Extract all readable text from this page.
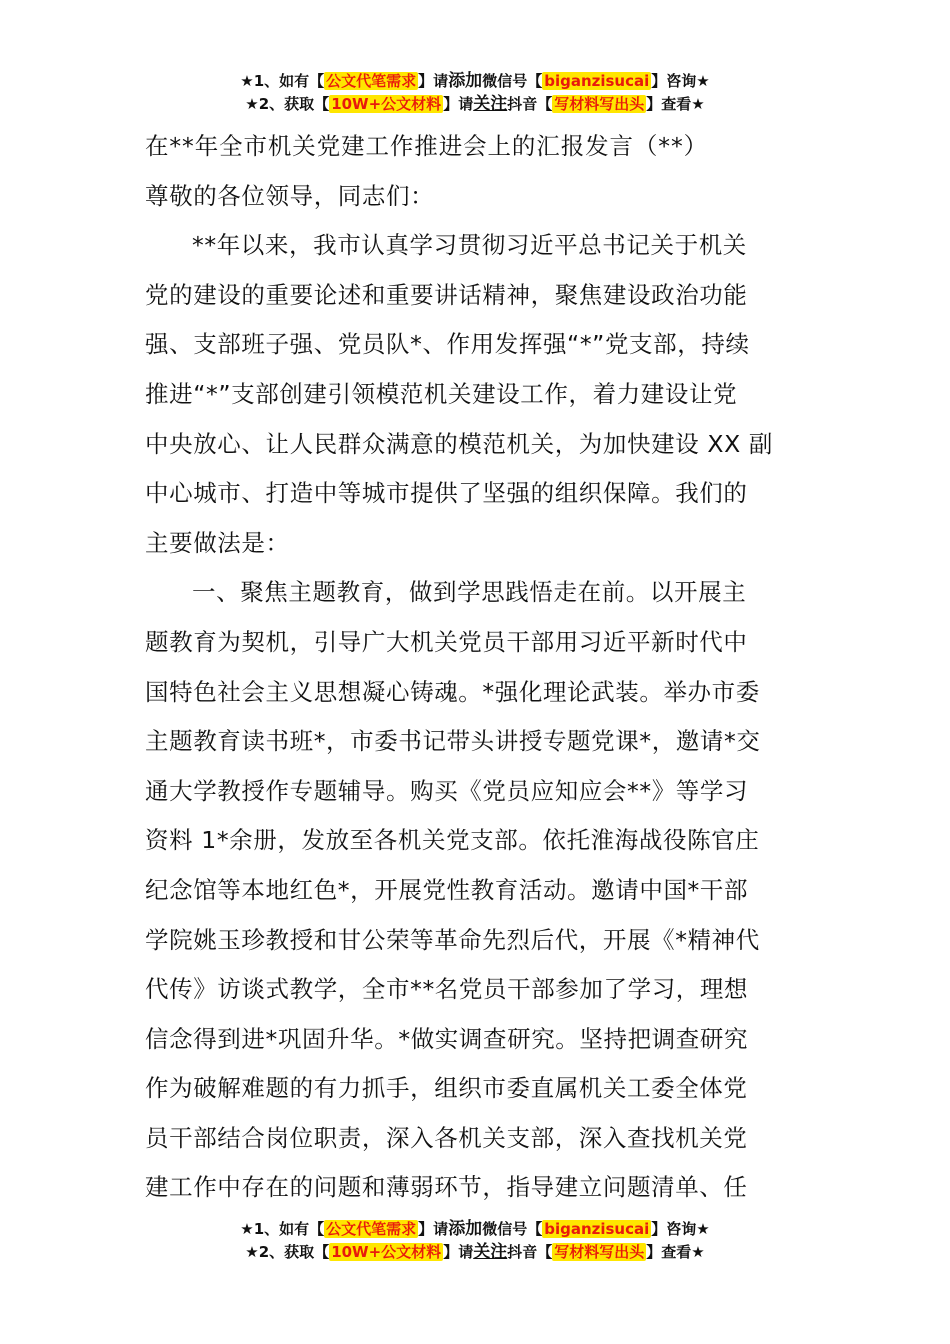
★1、如有【 公文代笔需求 】请添加微信号【 biganzisucai 】咨询★
★2、获取【 10W+公文材料 】请关注抖音【 写材料写出头 】查看★

在**年全市机关党建工作推进会上的汇报发言（**）

尊敬的各位领导，同志们：

**年以来，我市认真学习贯彻习近平总书记关于机关
党的建设的重要论述和重要讲话精神，聚焦建设政治功能
强、支部班子强、党员队*、作用发挥强“*”党支部，持续
推进“*”支部创建引领模范机关建设工作，着力建设让党
中央放心、让人民群众满意的模范机关，为加快建设 XX 副
中心城市、打造中等城市提供了坚强的组织保障。我们的
主要做法是：
一、聚焦主题教育，做到学思践悟走在前。以开展主
题教育为契机，引导广大机关党员干部用习近平新时代中
国特色社会主义思想凝心铸魂。*强化理论武装。举办市委
主题教育读书班*，市委书记带头讲授专题党课*，邀请*交
通大学教授作专题辅导。购买《党员应知应会**》等学习
资料 1*余册，发放至各机关党支部。依托淮海战役陈官庄
纪念馆等本地红色*，开展党性教育活动。邀请中国*干部
学院姚玉珍教授和甘公荣等革命先烈后代，开展《*精神代
代传》访谈式教学，全市**名党员干部参加了学习，理想
信念得到进*巩固升华。*做实调查研究。坚持把调查研究
作为破解难题的有力抓手，组织市委直属机关工委全体党
员干部结合岗位职责，深入各机关支部，深入查找机关党
建工作中存在的问题和薄弱环节，指导建立问题清单、任
★1、如有【 公文代笔需求 】请添加微信号【 biganzisucai 】咨询★
★2、获取【 10W+公文材料 】请关注抖音【 写材料写出头 】查看★
